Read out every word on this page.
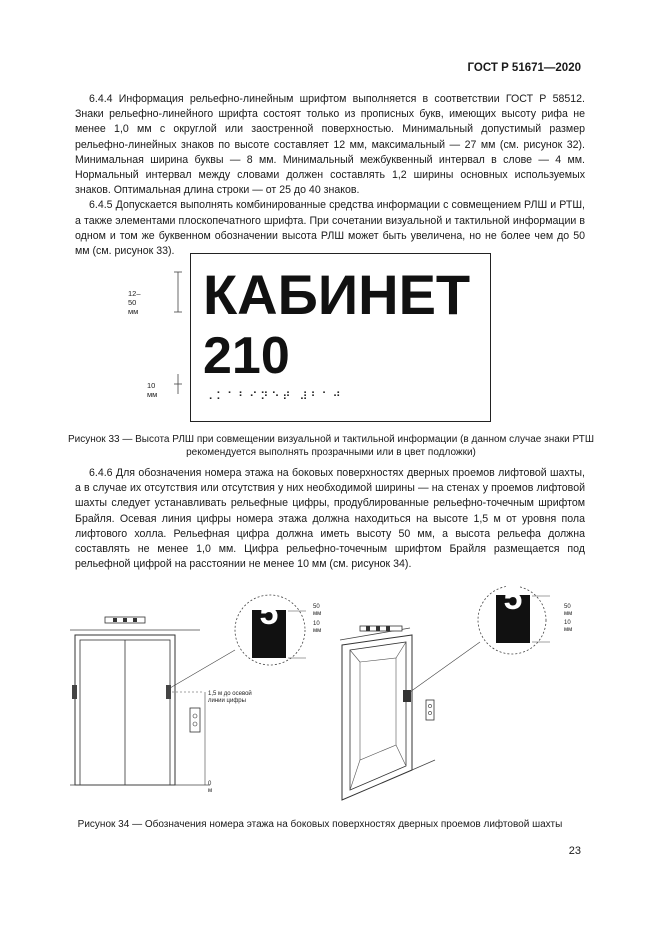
ГОСТ Р 51671—2020

6.4.4 Информация рельефно-линейным шрифтом выполняется в соответствии ГОСТ Р 58512. Знаки рельефно-линейного шрифта состоят только из прописных букв, имеющих высоту рифа не менее 1,0 мм с округлой или заостренной поверхностью. Минимальный допустимый размер рельефно-линейных знаков по высоте составляет 12 мм, максимальный — 27 мм (см. рисунок 32). Минимальная ширина буквы — 8 мм. Минимальный межбуквенный интервал в слове — 4 мм. Нормальный интервал между словами должен составлять 1,2 ширины основных используемых знаков. Оптимальная длина строки — от 25 до 40 знаков.

6.4.5 Допускается выполнять комбинированные средства информации с совмещением РЛШ и РТШ, а также элементами плоскопечатного шрифта. При сочетании визуальной и тактильной информации в одном и том же буквенном обозначении высота РЛШ может быть увеличена, но не более чем до 50 мм (см. рисунок 33).

12–50 мм
10 мм
КАБИНЕТ
210
⠠⠅⠁⠃⠊⠝⠑⠞ ⠼⠃⠁⠚
Рисунок 33 — Высота РЛШ при совмещении визуальной и тактильной информации (в данном случае знаки РТШ
рекомендуется выполнять прозрачными или в цвет подложки)

6.4.6 Для обозначения номера этажа на боковых поверхностях дверных проемов лифтовой шахты, а в случае их отсутствия или отсутствия у них необходимой ширины — на стенах у проемов лифтовой шахты следует устанавливать рельефные цифры, продублированные рельефно-точечным шрифтом Брайля. Осевая линия цифры номера этажа должна находиться на высоте 1,5 м от уровня пола лифтового холла. Рельефная цифра должна иметь высоту 50 мм, а высота рельефа должна составлять не менее 1,0 мм. Цифра рельефно-точечным шрифтом Брайля размещается под рельефной цифрой на расстоянии не менее 10 мм (см. рисунок 34).

5	5
50 мм
10 мм
50 мм
10 мм
1,5 м до осевой линии цифры
0 м
Рисунок 34 — Обозначения номера этажа на боковых поверхностях дверных проемов лифтовой шахты
23
